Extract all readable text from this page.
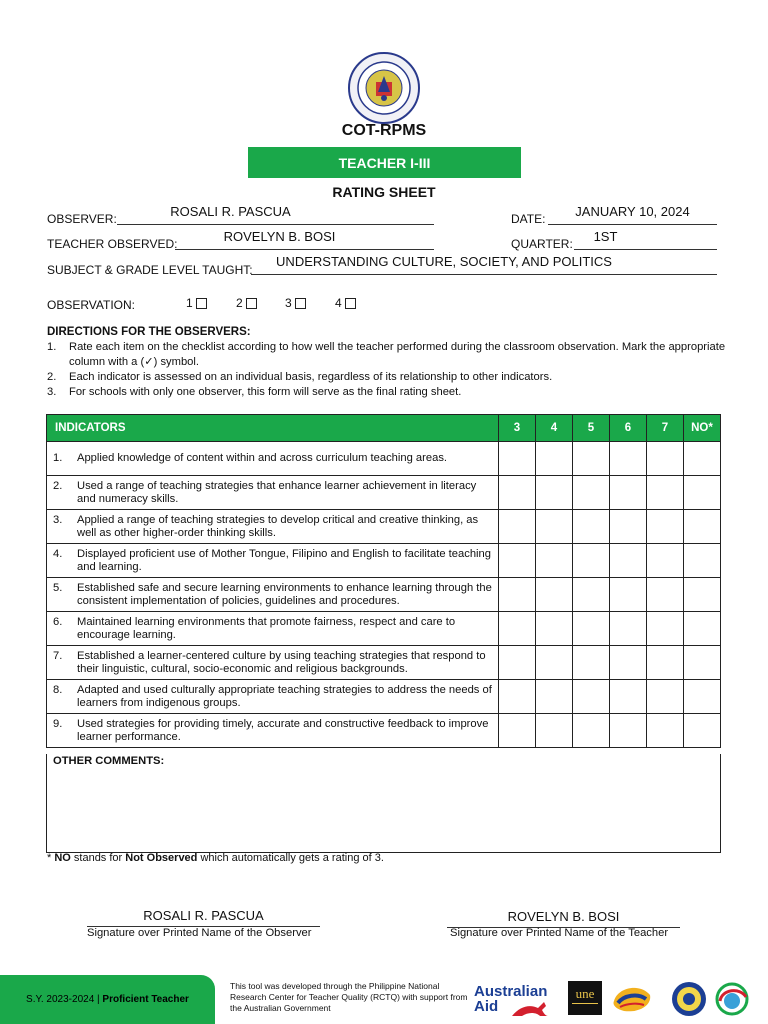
COT-RPMS
TEACHER I-III
RATING SHEET
OBSERVER:	ROSALI R. PASCUA	DATE:	JANUARY 10, 2024
TEACHER OBSERVED:	ROVELYN B. BOSI	QUARTER:	1ST
SUBJECT & GRADE LEVEL TAUGHT:
UNDERSTANDING CULTURE, SOCIETY, AND POLITICS
OBSERVATION:	1	2	3	4
DIRECTIONS FOR THE OBSERVERS:
1.	Rate each item on the checklist according to how well the teacher performed during the classroom observation. Mark the appropriate column with a (✓) symbol.
2.	Each indicator is assessed on an individual basis, regardless of its relationship to other indicators.
3.	For schools with only one observer, this form will serve as the final rating sheet.
INDICATORS	3	4	5	6	7	NO*

1. Applied knowledge of content within and across curriculum teaching areas.						

2. Used a range of teaching strategies that enhance learner achievement in literacy and numeracy skills.						

3. Applied a range of teaching strategies to develop critical and creative thinking, as well as other higher-order thinking skills.						

4. Displayed proficient use of Mother Tongue, Filipino and English to facilitate teaching and learning.						

5. Established safe and secure learning environments to enhance learning through the consistent implementation of policies, guidelines and procedures.						

6. Maintained learning environments that promote fairness, respect and care to encourage learning.						

7. Established a learner-centered culture by using teaching strategies that respond to their linguistic, cultural, socio-economic and religious backgrounds.						

8. Adapted and used culturally appropriate teaching strategies to address the needs of learners from indigenous groups.						

9. Used strategies for providing timely, accurate and constructive feedback to improve learner performance.						

OTHER COMMENTS:
* NO stands for Not Observed which automatically gets a rating of 3.
ROSALI R. PASCUA
Signature over Printed Name of the Observer
ROVELYN B. BOSI
Signature over Printed Name of the Teacher
S.Y. 2023-2024 |
Proficient Teacher
This tool was developed through the Philippine National Research Center for Teacher Quality (RCTQ) with support from the Australian Government
Australian
Aid
une
